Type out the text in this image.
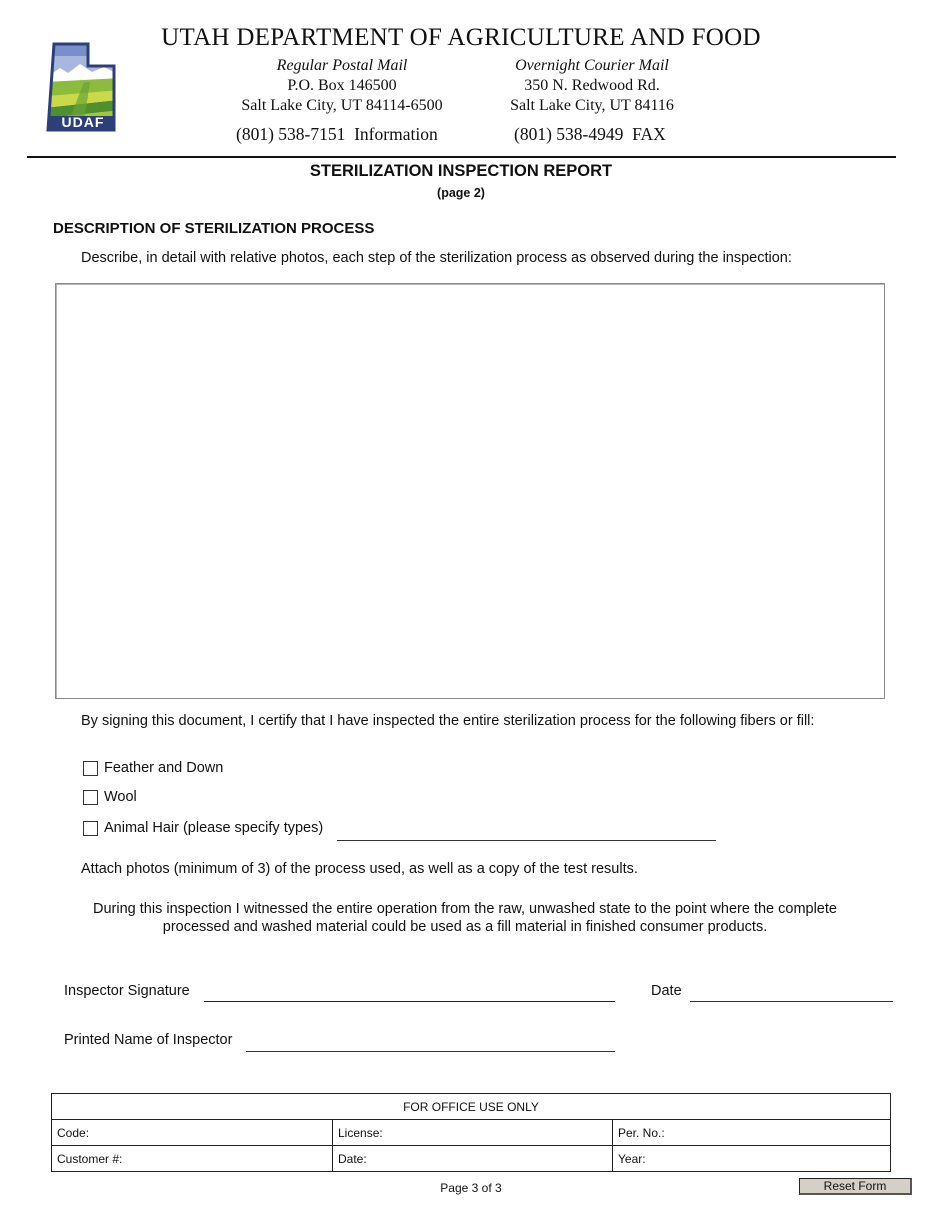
UDAF
UTAH DEPARTMENT OF AGRICULTURE AND FOOD
Regular Postal Mail
P.O. Box 146500
Salt Lake City, UT 84114-6500
Overnight Courier Mail
350 N. Redwood Rd.
Salt Lake City, UT 84116
(801) 538-7151  Information	(801) 538-4949  FAX
STERILIZATION INSPECTION REPORT
(page 2)
DESCRIPTION OF STERILIZATION PROCESS
Describe, in detail with relative photos, each step of the sterilization process as observed during the inspection:
By signing this document, I certify that I have inspected the entire sterilization process for the following fibers or fill:
Feather and Down
Wool
Animal Hair (please specify types)
Attach photos (minimum of 3) of the process used, as well as a copy of the test results.
During this inspection I witnessed the entire operation from the raw, unwashed state to the point where the complete processed and washed material could be used as a fill material in finished consumer products.
Inspector Signature	Date
Printed Name of Inspector
FOR OFFICE USE ONLY		
Code:	License:	Per. No.:
Customer #:	Date:	Year:
Page 3 of 3	Reset Form
